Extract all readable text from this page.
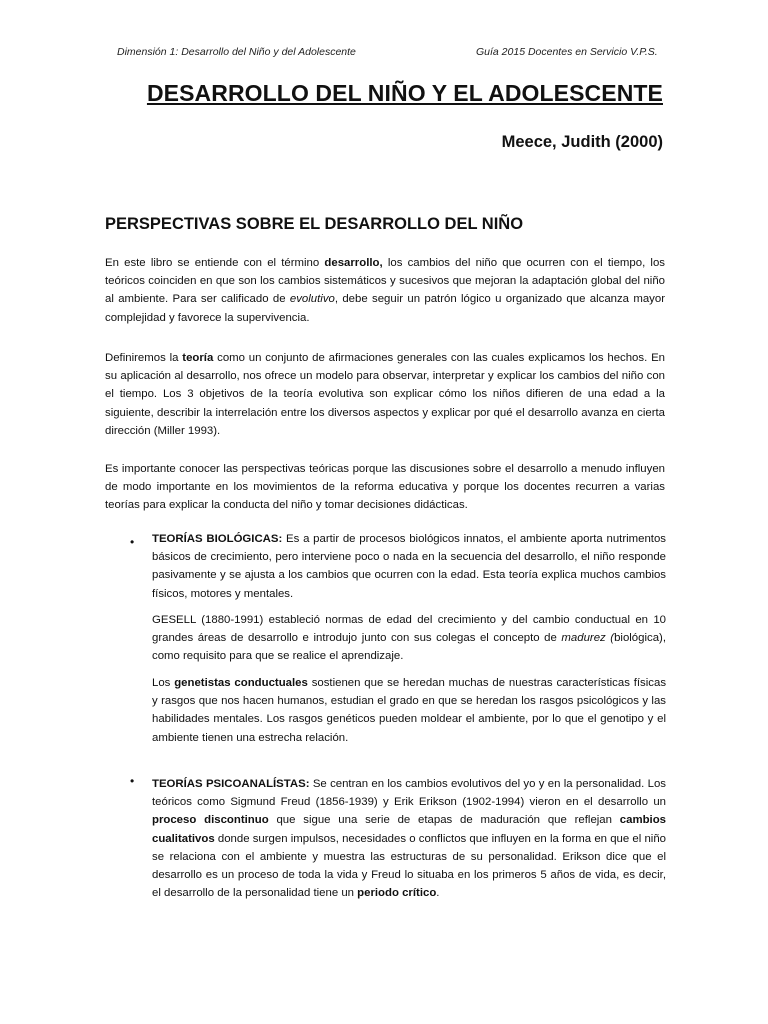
Dimensión 1: Desarrollo del Niño y del Adolescente	Guía 2015 Docentes en Servicio V.P.S.
DESARROLLO DEL NIÑO Y EL ADOLESCENTE
Meece, Judith (2000)
PERSPECTIVAS SOBRE EL DESARROLLO DEL NIÑO

En este libro se entiende con el término desarrollo, los cambios del niño que ocurren con el tiempo, los teóricos coinciden en que son los cambios sistemáticos y sucesivos que mejoran la adaptación global del niño al ambiente. Para ser calificado de evolutivo, debe seguir un patrón lógico u organizado que alcanza mayor complejidad y favorece la supervivencia.

Definiremos la teoría como un conjunto de afirmaciones generales con las cuales explicamos los hechos. En su aplicación al desarrollo, nos ofrece un modelo para observar, interpretar y explicar los cambios del niño con el tiempo. Los 3 objetivos de la teoría evolutiva son explicar cómo los niños difieren de una edad a la siguiente, describir la interrelación entre los diversos aspectos y explicar por qué el desarrollo avanza en cierta dirección (Miller 1993).

Es importante conocer las perspectivas teóricas porque las discusiones sobre el desarrollo a menudo influyen de modo importante en los movimientos de la reforma educativa y porque los docentes recurren a varias teorías para explicar la conducta del niño y tomar decisiones didácticas.

• TEORÍAS BIOLÓGICAS: Es a partir de procesos biológicos innatos, el ambiente aporta nutrimentos básicos de crecimiento, pero interviene poco o nada en la secuencia del desarrollo, el niño responde pasivamente y se ajusta a los cambios que ocurren con la edad. Esta teoría explica muchos cambios físicos, motores y mentales.

GESELL (1880-1991) estableció normas de edad del crecimiento y del cambio conductual en 10 grandes áreas de desarrollo e introdujo junto con sus colegas el concepto de madurez (biológica), como requisito para que se realice el aprendizaje.

Los genetistas conductuales sostienen que se heredan muchas de nuestras características físicas y rasgos que nos hacen humanos, estudian el grado en que se heredan los rasgos psicológicos y las habilidades mentales. Los rasgos genéticos pueden moldear el ambiente, por lo que el genotipo y el ambiente tienen una estrecha relación.

• TEORÍAS PSICOANALÍSTAS: Se centran en los cambios evolutivos del yo y en la personalidad. Los teóricos como Sigmund Freud (1856-1939) y Erik Erikson (1902-1994) vieron en el desarrollo un proceso discontinuo que sigue una serie de etapas de maduración que reflejan cambios cualitativos donde surgen impulsos, necesidades o conflictos que influyen en la forma en que el niño se relaciona con el ambiente y muestra las estructuras de su personalidad. Erikson dice que el desarrollo es un proceso de toda la vida y Freud lo situaba en los primeros 5 años de vida, es decir, el desarrollo de la personalidad tiene un periodo crítico.
